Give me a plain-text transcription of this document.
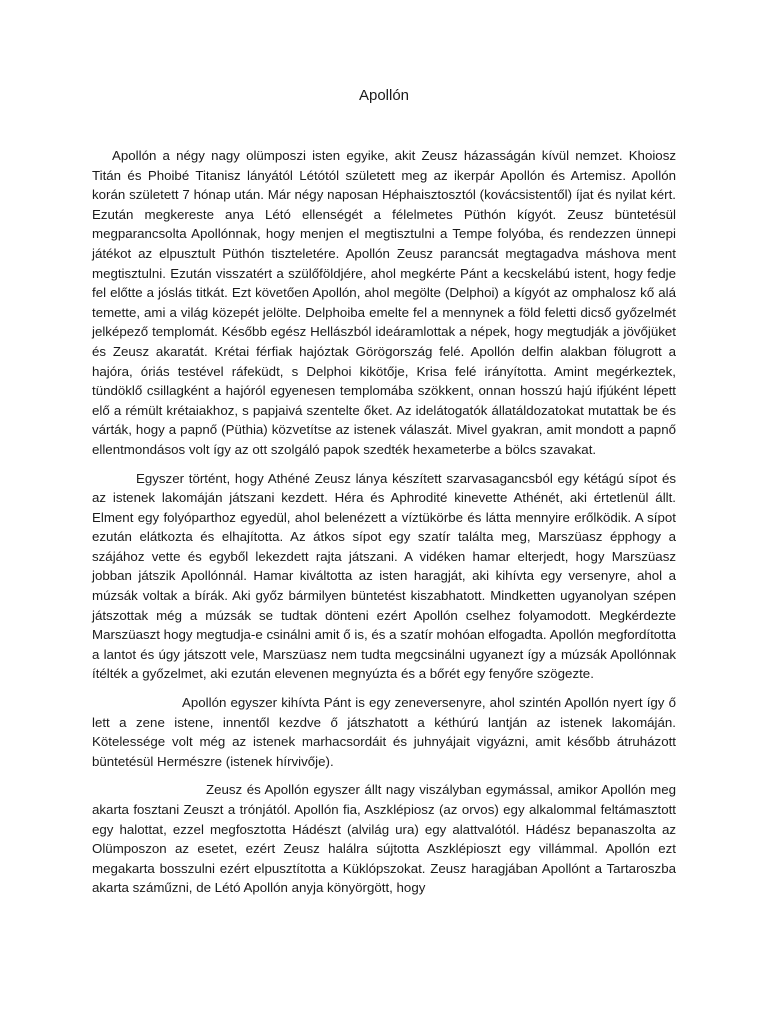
Apollón

Apollón a négy nagy olümposzi isten egyike, akit Zeusz házasságán kívül nemzet. Khoiosz Titán és Phoibé Titanisz lányától Létótól született meg az ikerpár Apollón és Artemisz. Apollón korán született 7 hónap után. Már négy naposan Héphaisztosztól (kovácsistentől) íjat és nyilat kért. Ezután megkereste anya Létó ellenségét a félelmetes Püthón kígyót. Zeusz büntetésül megparancsolta Apollónnak, hogy menjen el megtisztulni a Tempe folyóba, és rendezzen ünnepi játékot az elpusztult Püthón tiszteletére. Apollón Zeusz parancsát megtagadva máshova ment megtisztulni. Ezután visszatért a szülőföldjére, ahol megkérte Pánt a kecskelábú istent, hogy fedje fel előtte a jóslás titkát. Ezt követően Apollón, ahol megölte (Delphoi) a kígyót az omphalosz kő alá temette, ami a világ közepét jelölte. Delphoiba emelte fel a mennynek a föld feletti dicső győzelmét jelképező templomát. Később egész Hellászból ideáramlottak a népek, hogy megtudják a jövőjüket és Zeusz akaratát. Krétai férfiak hajóztak Görögország felé. Apollón delfin alakban fölugrott a hajóra, óriás testével ráfeküdt, s Delphoi kikötője, Krisa felé irányította. Amint megérkeztek, tündöklő csillagként a hajóról egyenesen templomába szökkent, onnan hosszú hajú ifjúként lépett elő a rémült krétaiakhoz, s papjaivá szentelte őket. Az idelátogatók állatáldozatokat mutattak be és várták, hogy a papnő (Püthia) közvetítse az istenek válaszát. Mivel gyakran, amit mondott a papnő ellentmondásos volt így az ott szolgáló papok szedték hexameterbe a bölcs szavakat.

Egyszer történt, hogy Athéné Zeusz lánya készített szarvasagancsból egy kétágú sípot és az istenek lakomáján játszani kezdett. Héra és Aphrodité kinevette Athénét, aki értetlenül állt. Elment egy folyóparthoz egyedül, ahol belenézett a víztükörbe és látta mennyire erőlködik. A sípot ezután elátkozta és elhajította. Az átkos sípot egy szatír találta meg, Marszüasz épphogy a szájához vette és egyből lekezdett rajta játszani. A vidéken hamar elterjedt, hogy Marszüasz jobban játszik Apollónnál. Hamar kiváltotta az isten haragját, aki kihívta egy versenyre, ahol a múzsák voltak a bírák. Aki győz bármilyen büntetést kiszabhatott. Mindketten ugyanolyan szépen játszottak még a múzsák se tudtak dönteni ezért Apollón cselhez folyamodott. Megkérdezte Marszüaszt hogy megtudja-e csinálni amit ő is, és a szatír mohóan elfogadta. Apollón megfordította a lantot és úgy játszott vele, Marszüasz nem tudta megcsinálni ugyanezt így a múzsák Apollónnak ítélték a győzelmet, aki ezután elevenen megnyúzta és a bőrét egy fenyőre szögezte.

Apollón egyszer kihívta Pánt is egy zeneversenyre, ahol szintén Apollón nyert így ő lett a zene istene, innentől kezdve ő játszhatott a kéthúrú lantján az istenek lakomáján. Kötelessége volt még az istenek marhacsordáit és juhnyájait vigyázni, amit később átruházott büntetésül Hermészre (istenek hírvivője).

Zeusz és Apollón egyszer állt nagy viszályban egymással, amikor Apollón meg akarta fosztani Zeuszt a trónjától. Apollón fia, Aszklépiosz (az orvos) egy alkalommal feltámasztott egy halottat, ezzel megfosztotta Hádészt (alvilág ura) egy alattvalótól. Hádész bepanaszolta az Olümposzon az esetet, ezért Zeusz halálra sújtotta Aszklépioszt egy villámmal. Apollón ezt megakarta bosszulni ezért elpusztította a Küklópszokat. Zeusz haragjában Apollónt a Tartaroszba akarta száműzni, de Létó Apollón anyja könyörgött, hogy
